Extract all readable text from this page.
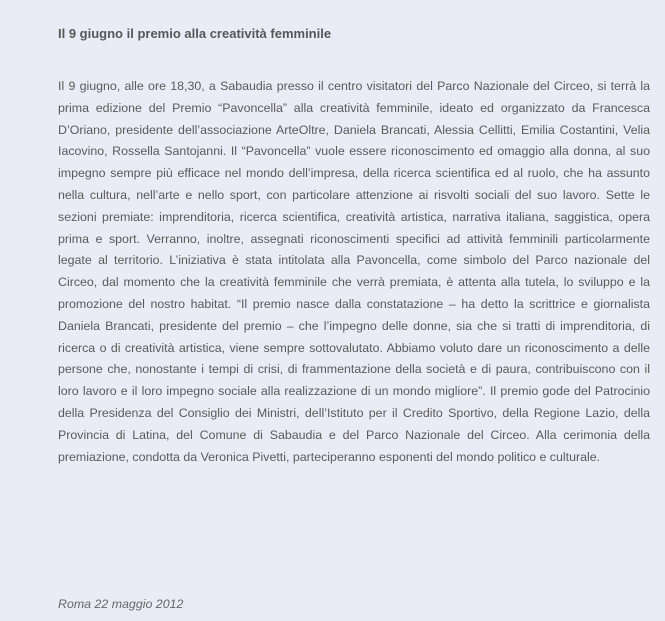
Il 9 giugno il premio alla creatività femminile

Il 9 giugno, alle ore 18,30, a Sabaudia presso il centro visitatori del Parco Nazionale del Circeo, si terrà la prima edizione del Premio “Pavoncella” alla creatività femminile, ideato ed organizzato da Francesca D’Oriano, presidente dell’associazione ArteOltre, Daniela Brancati, Alessia Cellitti, Emilia Costantini, Velia Iacovino, Rossella Santojanni. Il “Pavoncella” vuole essere riconoscimento ed omaggio alla donna, al suo impegno sempre più efficace nel mondo dell’impresa, della ricerca scientifica ed al ruolo, che ha assunto nella cultura, nell’arte e nello sport, con particolare attenzione ai risvolti sociali del suo lavoro. Sette le sezioni premiate: imprenditoria, ricerca scientifica, creatività artistica, narrativa italiana, saggistica, opera prima e sport. Verranno, inoltre, assegnati riconoscimenti specifici ad attività femminili particolarmente legate al territorio. L’iniziativa è stata intitolata alla Pavoncella, come simbolo del Parco nazionale del Circeo, dal momento che la creatività femminile che verrà premiata, è attenta alla tutela, lo sviluppo e la promozione del nostro habitat. “Il premio nasce dalla constatazione – ha detto la scrittrice e giornalista Daniela Brancati, presidente del premio – che l’impegno delle donne, sia che si tratti di imprenditoria, di ricerca o di creatività artistica, viene sempre sottovalutato. Abbiamo voluto dare un riconoscimento a delle persone che, nonostante i tempi di crisi, di frammentazione della società e di paura, contribuiscono con il loro lavoro e il loro impegno sociale alla realizzazione di un mondo migliore”. Il premio gode del Patrocinio della Presidenza del Consiglio dei Ministri, dell’Istituto per il Credito Sportivo, della Regione Lazio, della Provincia di Latina, del Comune di Sabaudia e del Parco Nazionale del Circeo. Alla cerimonia della premiazione, condotta da Veronica Pivetti, parteciperanno esponenti del mondo politico e culturale.

Roma 22 maggio 2012
